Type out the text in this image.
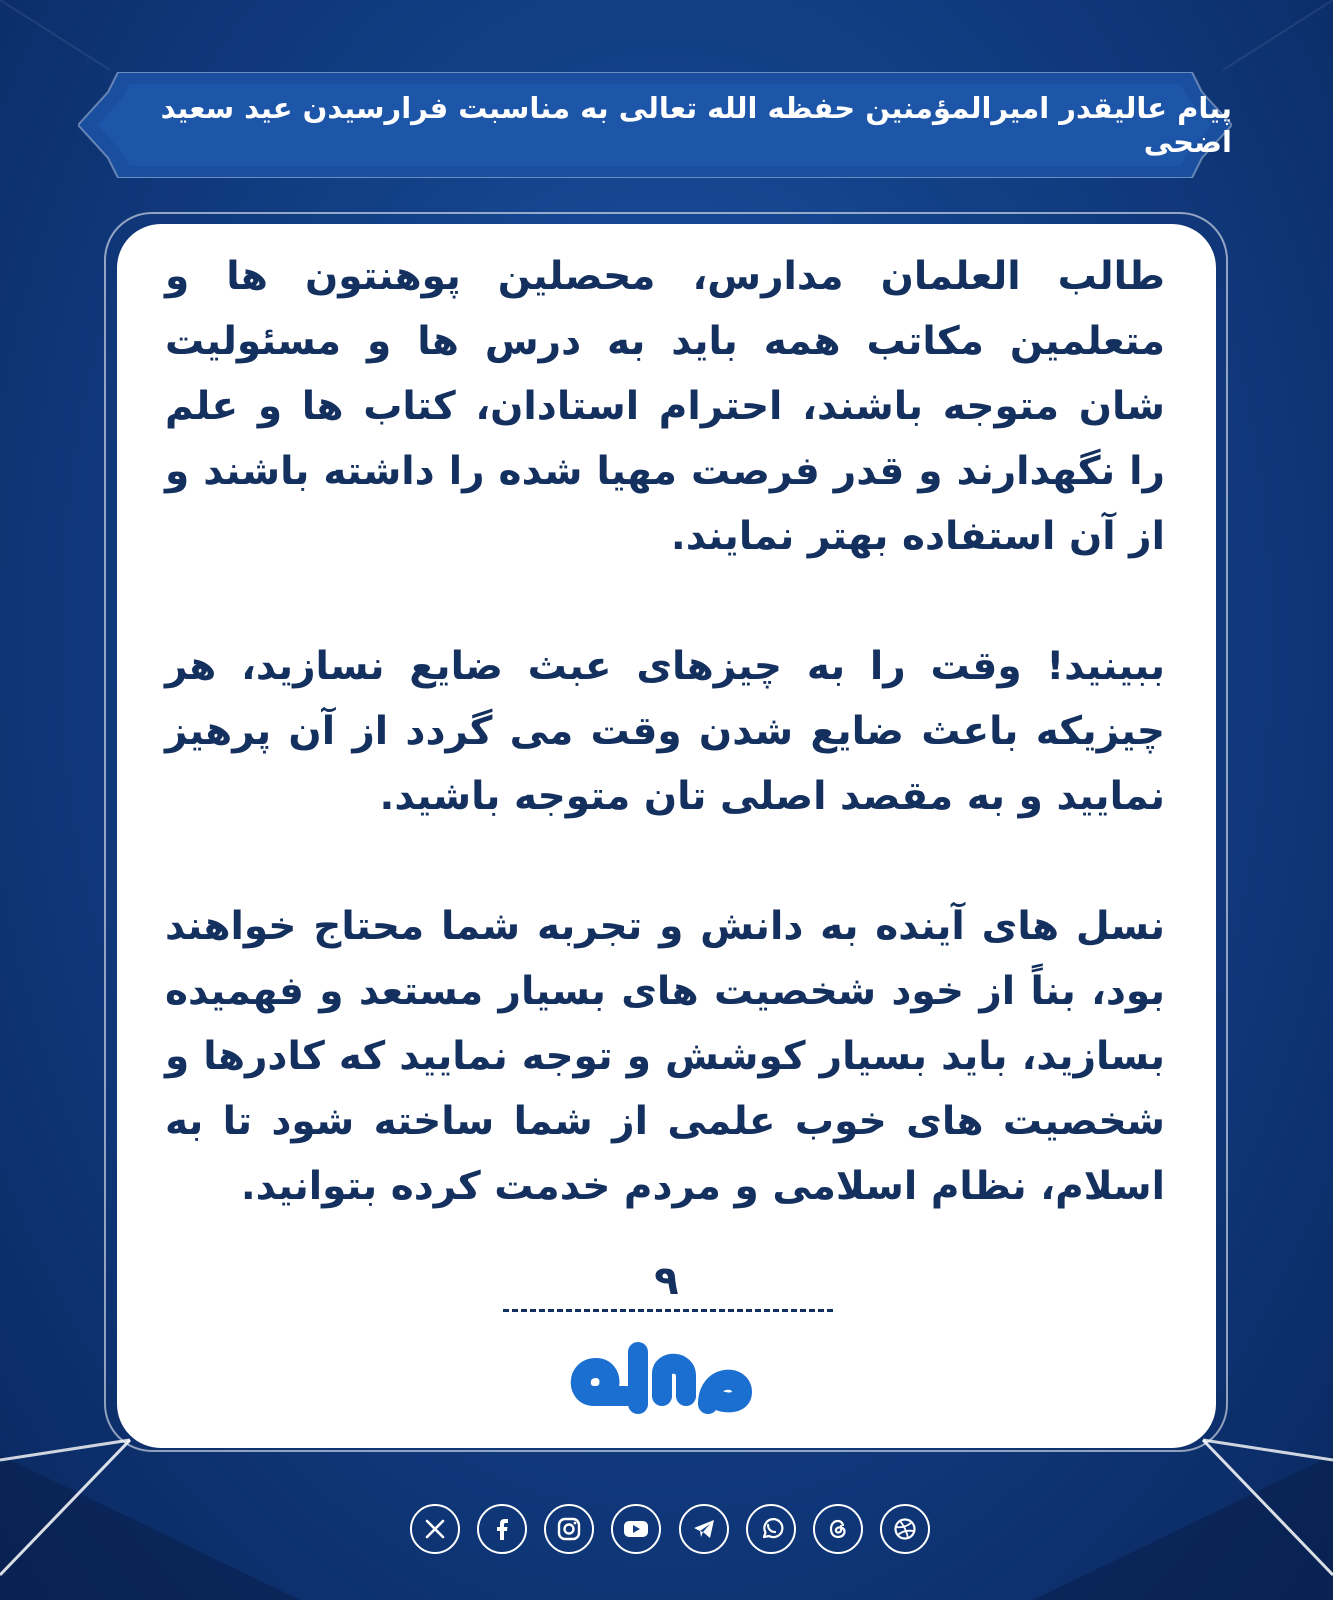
پیام عالیقدر امیرالمؤمنین حفظه الله تعالی به مناسبت فرارسیدن عید سعید اضحی

طالب العلمان مدارس، محصلین پوهنتون ها و متعلمین مکاتب همه باید به درس ها و مسئولیت شان متوجه باشند، احترام استادان، کتاب ها و علم را نگهدارند و قدر فرصت مهیا شده را داشته باشند و از آن استفاده بهتر نمایند.

ببینید! وقت را به چیزهای عبث ضایع نسازید، هر چیزیکه باعث ضایع شدن وقت می گردد از آن پرهیز نمایید و به مقصد اصلی تان متوجه باشید.

نسل های آینده به دانش و تجربه شما محتاج خواهند بود، بناً از خود شخصیت های بسیار مستعد و فهمیده بسازید، باید بسیار کوشش و توجه نمایید که کادرها و شخصیت های خوب علمی از شما ساخته شود تا به اسلام، نظام اسلامی و مردم خدمت کرده بتوانید.

۹
